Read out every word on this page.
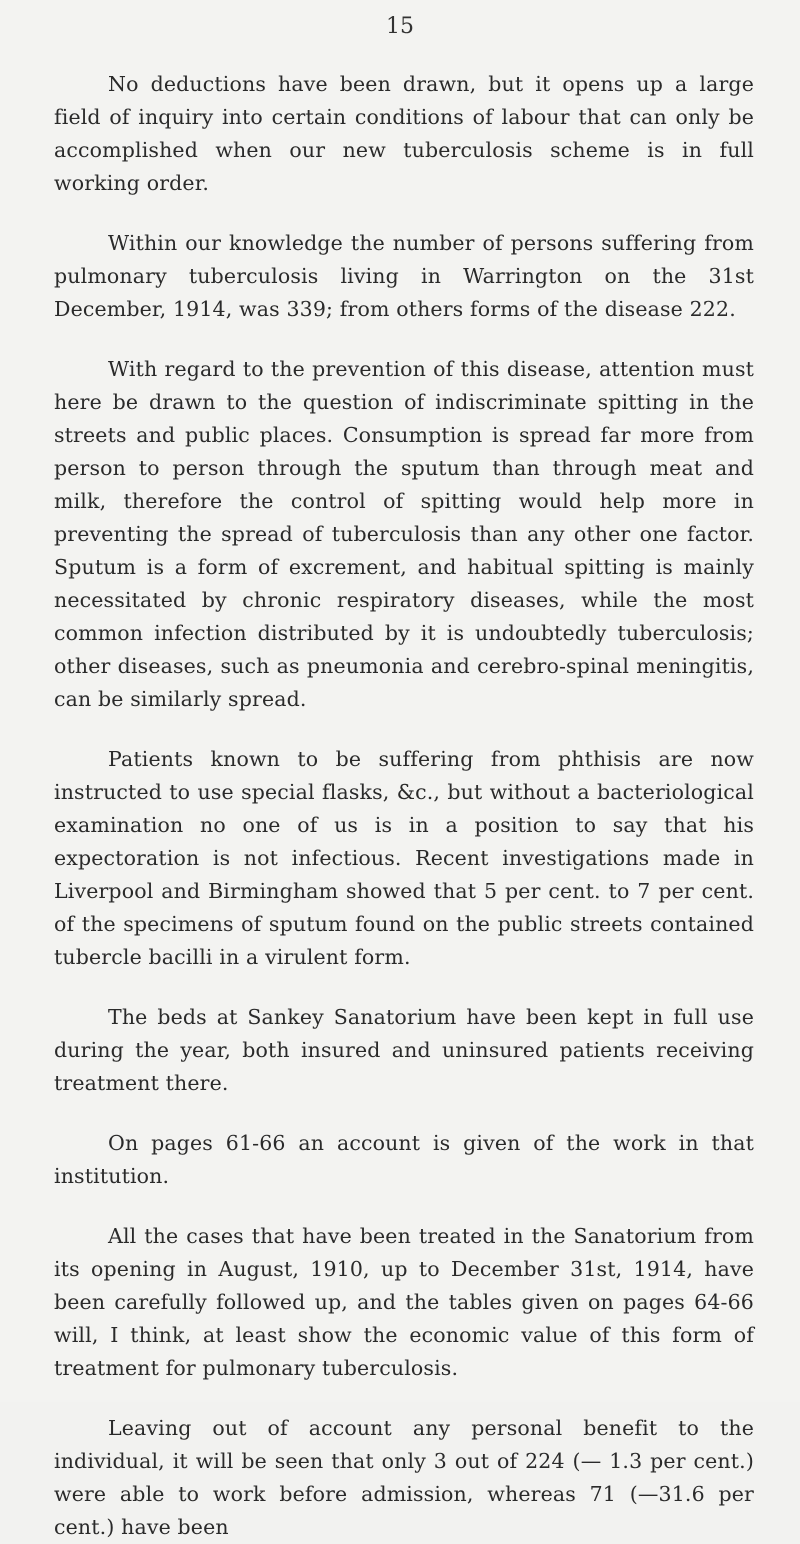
15

No deductions have been drawn, but it opens up a large field of inquiry into certain conditions of labour that can only be accomplished when our new tuberculosis scheme is in full working order.

Within our knowledge the number of persons suffering from pulmonary tuberculosis living in Warrington on the 31st December, 1914, was 339; from others forms of the disease 222.

With regard to the prevention of this disease, attention must here be drawn to the question of indiscriminate spitting in the streets and public places. Consumption is spread far more from person to person through the sputum than through meat and milk, therefore the control of spitting would help more in preventing the spread of tuberculosis than any other one factor. Sputum is a form of excrement, and habitual spitting is mainly necessitated by chronic respiratory diseases, while the most common infection distributed by it is undoubtedly tuberculosis; other diseases, such as pneumonia and cerebro-spinal meningitis, can be similarly spread.

Patients known to be suffering from phthisis are now instructed to use special flasks, &c., but without a bacteriological examination no one of us is in a position to say that his expectoration is not infectious. Recent investigations made in Liverpool and Birmingham showed that 5 per cent. to 7 per cent. of the specimens of sputum found on the public streets contained tubercle bacilli in a virulent form.

The beds at Sankey Sanatorium have been kept in full use during the year, both insured and uninsured patients receiving treatment there.

On pages 61-66 an account is given of the work in that institution.

All the cases that have been treated in the Sanatorium from its opening in August, 1910, up to December 31st, 1914, have been carefully followed up, and the tables given on pages 64-66 will, I think, at least show the economic value of this form of treatment for pulmonary tuberculosis.

Leaving out of account any personal benefit to the individual, it will be seen that only 3 out of 224 (— 1.3 per cent.) were able to work before admission, whereas 71 (—31.6 per cent.) have been
